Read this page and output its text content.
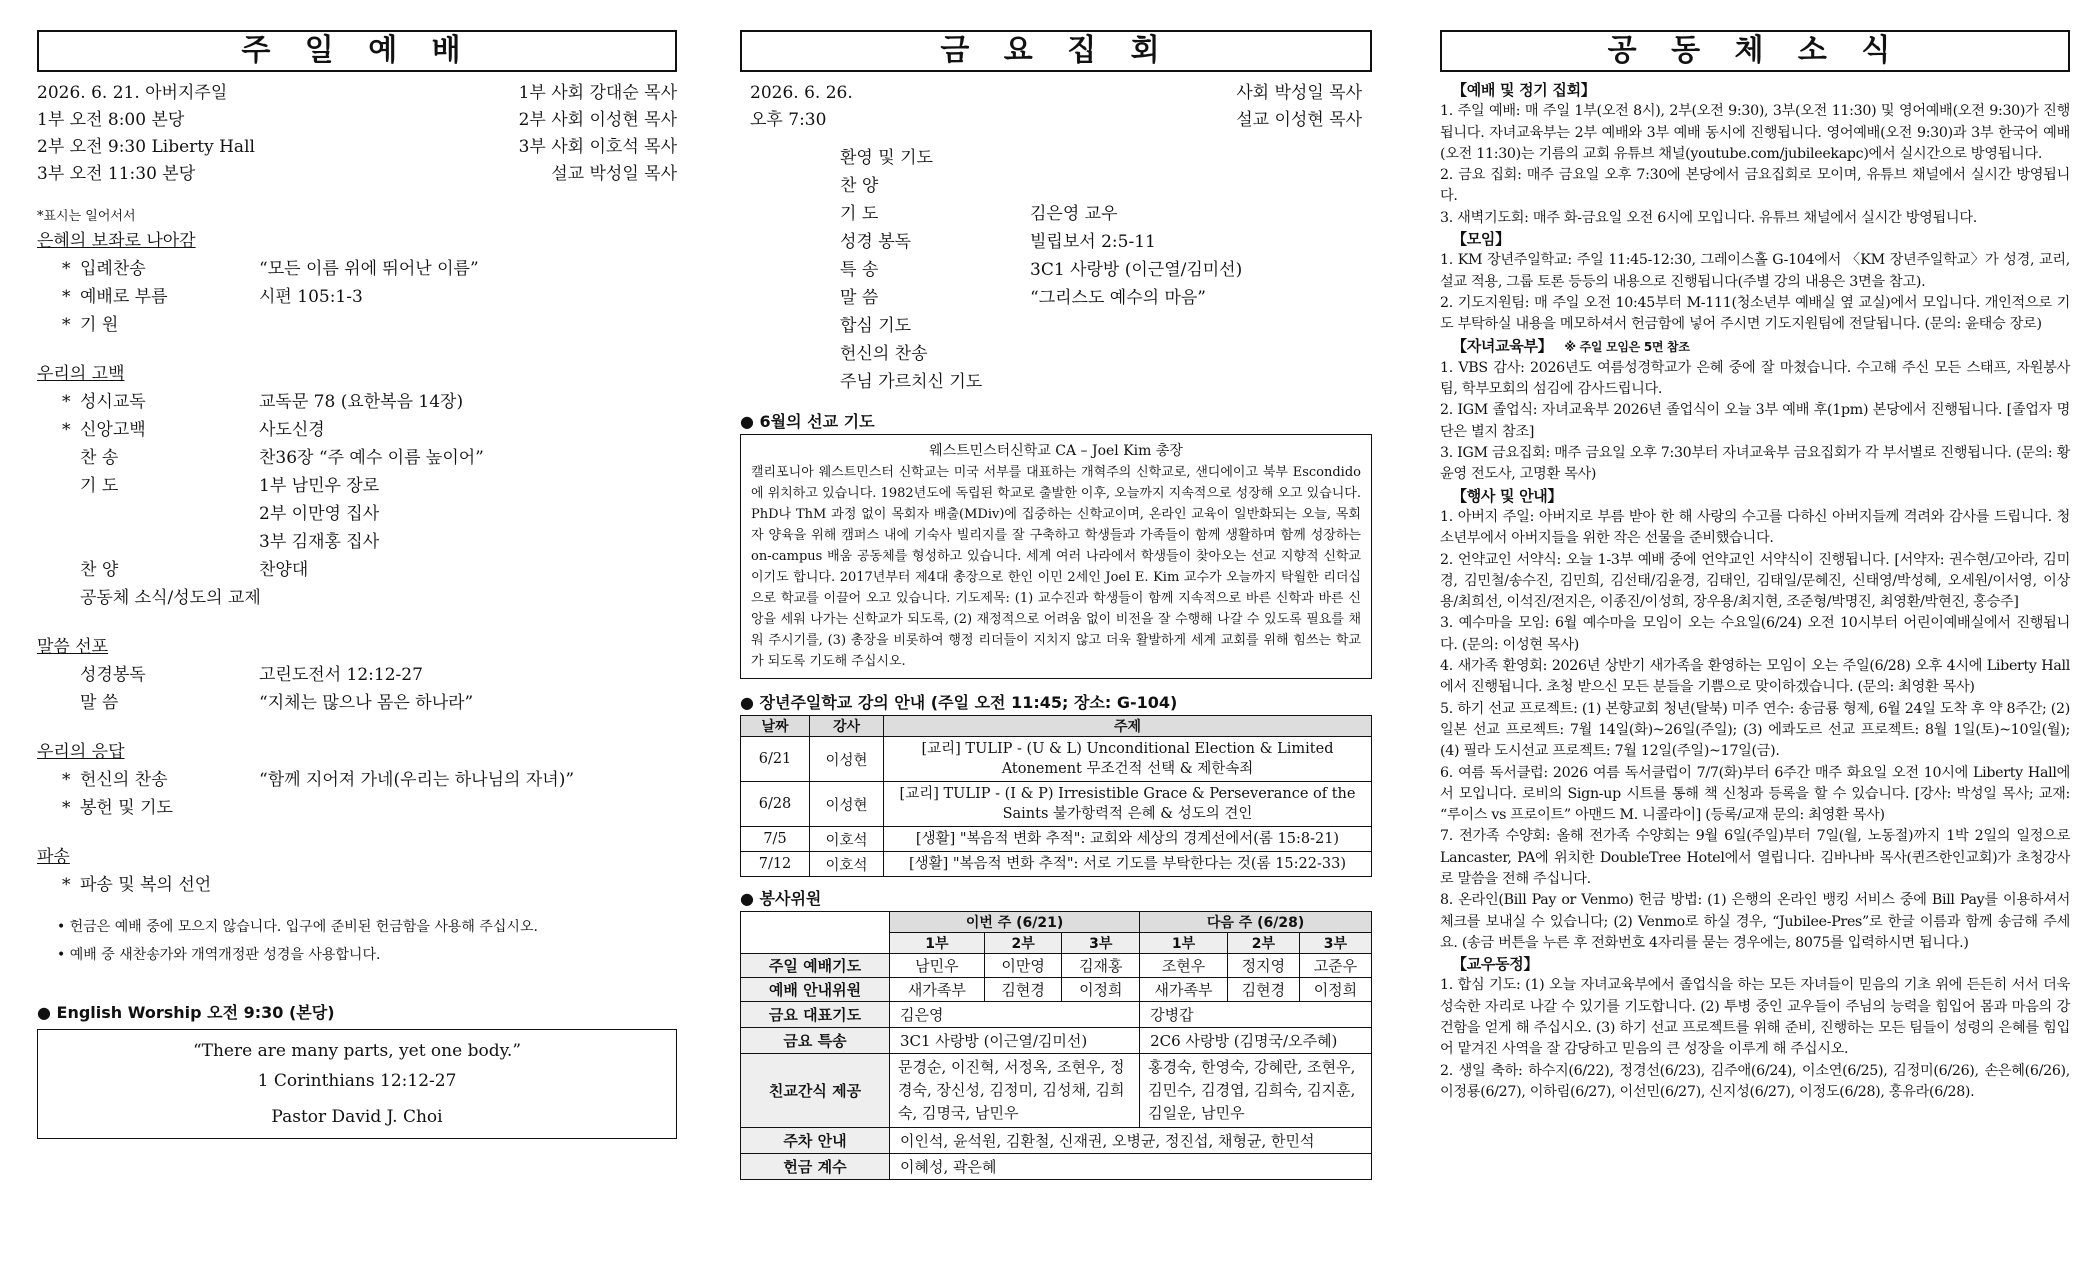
주 일 예 배
2026. 6. 21. 아버지주일	1부 사회 강대순 목사
1부 오전 8:00 본당	2부 사회 이성현 목사
2부 오전 9:30 Liberty Hall	3부 사회 이호석 목사
3부 오전 11:30 본당	설교 박성일 목사
*표시는 일어서서
은혜의 보좌로 나아감
* 입례찬송	“모든 이름 위에 뛰어난 이름”
* 예배로 부름	시편 105:1-3
* 기 원
우리의 고백
* 성시교독	교독문 78 (요한복음 14장)
* 신앙고백	사도신경
찬 송	찬36장 “주 예수 이름 높이어”
기 도	1부 남민우 장로
2부 이만영 집사
3부 김재홍 집사
찬 양	찬양대
공동체 소식/성도의 교제
말씀 선포
성경봉독	고린도전서 12:12-27
말 씀	“지체는 많으나 몸은 하나라”
우리의 응답
* 헌신의 찬송	“함께 지어져 가네(우리는 하나님의 자녀)”
* 봉헌 및 기도
파송
* 파송 및 복의 선언
• 헌금은 예배 중에 모으지 않습니다. 입구에 준비된 헌금함을 사용해 주십시오.
• 예배 중 새찬송가와 개역개정판 성경을 사용합니다.
● English Worship 오전 9:30 (본당)
“There are many parts, yet one body.”
1 Corinthians 12:12-27
Pastor David J. Choi
금 요 집 회
2026. 6. 26.	사회 박성일 목사
오후 7:30	설교 이성현 목사
환영 및 기도
찬 양
기 도	김은영 교우
성경 봉독	빌립보서 2:5-11
특 송	3C1 사랑방 (이근열/김미선)
말 씀	“그리스도 예수의 마음”
합심 기도
헌신의 찬송
주님 가르치신 기도
● 6월의 선교 기도
웨스트민스터신학교 CA – Joel Kim 총장
캘리포니아 웨스트민스터 신학교는 미국 서부를 대표하는 개혁주의 신학교로, 샌디에이고 북부 Escondido에 위치하고 있습니다. 1982년도에 독립된 학교로 출발한 이후, 오늘까지 지속적으로 성장해 오고 있습니다. PhD나 ThM 과정 없이 목회자 배출(MDiv)에 집중하는 신학교이며, 온라인 교육이 일반화되는 오늘, 목회자 양육을 위해 캠퍼스 내에 기숙사 빌리지를 잘 구축하고 학생들과 가족들이 함께 생활하며 함께 성장하는 on-campus 배움 공동체를 형성하고 있습니다. 세계 여러 나라에서 학생들이 찾아오는 선교 지향적 신학교이기도 합니다. 2017년부터 제4대 총장으로 한인 이민 2세인 Joel E. Kim 교수가 오늘까지 탁월한 리더십으로 학교를 이끌어 오고 있습니다. 기도제목: (1) 교수진과 학생들이 함께 지속적으로 바른 신학과 바른 신앙을 세워 나가는 신학교가 되도록, (2) 재정적으로 어려움 없이 비전을 잘 수행해 나갈 수 있도록 필요를 채워 주시기를, (3) 총장을 비롯하여 행정 리더들이 지치지 않고 더욱 활발하게 세계 교회를 위해 힘쓰는 학교가 되도록 기도해 주십시오.
● 장년주일학교 강의 안내 (주일 오전 11:45; 장소: G-104)
날짜	강사	주제
6/21	이성현	[교리] TULIP - (U & L) Unconditional Election & Limited Atonement 무조건적 선택 & 제한속죄
6/28	이성현	[교리] TULIP - (I & P) Irresistible Grace & Perseverance of the Saints 불가항력적 은혜 & 성도의 견인
7/5	이호석	[생활] "복음적 변화 추적": 교회와 세상의 경계선에서(롬 15:8-21)
7/12	이호석	[생활] "복음적 변화 추적": 서로 기도를 부탁한다는 것(롬 15:22-33)
● 봉사위원
	이번 주 (6/21)			다음 주 (6/28)		
	1부	2부	3부	1부	2부	3부
주일 예배기도	남민우	이만영	김재홍	조현우	정지영	고준우
예배 안내위원	새가족부	김현경	이정희	새가족부	김현경	이정희
금요 대표기도	김은영			강병갑		
금요 특송	3C1 사랑방 (이근열/김미선)			2C6 사랑방 (김명국/오주혜)		
친교간식 제공	문경순, 이진혁, 서정옥, 조현우, 정경숙, 장신성, 김정미, 김성채, 김희숙, 김명국, 남민우			홍경숙, 한영숙, 강혜란, 조현우, 김민수, 김경엽, 김희숙, 김지훈, 김일운, 남민우		
주차 안내	이인석, 윤석원, 김환철, 신재권, 오병균, 정진섭, 채형균, 한민석					
헌금 계수	이혜성, 곽은혜					
공 동 체 소 식
【예배 및 정기 집회】

1. 주일 예배: 매 주일 1부(오전 8시), 2부(오전 9:30), 3부(오전 11:30) 및 영어예배(오전 9:30)가 진행됩니다. 자녀교육부는 2부 예배와 3부 예배 동시에 진행됩니다. 영어예배(오전 9:30)과 3부 한국어 예배(오전 11:30)는 기름의 교회 유튜브 채널(youtube.com/jubileekapc)에서 실시간으로 방영됩니다.

2. 금요 집회: 매주 금요일 오후 7:30에 본당에서 금요집회로 모이며, 유튜브 채널에서 실시간 방영됩니다.

3. 새벽기도회: 매주 화-금요일 오전 6시에 모입니다. 유튜브 채널에서 실시간 방영됩니다.

【모임】

1. KM 장년주일학교: 주일 11:45-12:30, 그레이스홀 G-104에서 〈KM 장년주일학교〉가 성경, 교리, 설교 적용, 그룹 토론 등등의 내용으로 진행됩니다(주별 강의 내용은 3면을 참고).

2. 기도지원팀: 매 주일 오전 10:45부터 M-111(청소년부 예배실 옆 교실)에서 모입니다. 개인적으로 기도 부탁하실 내용을 메모하셔서 헌금함에 넣어 주시면 기도지원팀에 전달됩니다. (문의: 윤태승 장로)

【자녀교육부】 ※ 주일 모임은 5면 참조

1. VBS 감사: 2026년도 여름성경학교가 은혜 중에 잘 마쳤습니다. 수고해 주신 모든 스태프, 자원봉사팀, 학부모회의 섬김에 감사드립니다.

2. IGM 졸업식: 자녀교육부 2026년 졸업식이 오늘 3부 예배 후(1pm) 본당에서 진행됩니다. [졸업자 명단은 별지 참조]

3. IGM 금요집회: 매주 금요일 오후 7:30부터 자녀교육부 금요집회가 각 부서별로 진행됩니다. (문의: 황윤영 전도사, 고명환 목사)

【행사 및 안내】

1. 아버지 주일: 아버지로 부름 받아 한 해 사랑의 수고를 다하신 아버지들께 격려와 감사를 드립니다. 청소년부에서 아버지들을 위한 작은 선물을 준비했습니다.

2. 언약교인 서약식: 오늘 1-3부 예배 중에 언약교인 서약식이 진행됩니다. [서약자: 권수현/고아라, 김미경, 김민철/송수진, 김민희, 김선태/김윤경, 김태인, 김태일/문혜진, 신태영/박성혜, 오세원/이서영, 이상용/최희선, 이석진/전지은, 이종진/이성희, 장우용/최지현, 조준형/박명진, 최영환/박현진, 홍승주]

3. 예수마을 모임: 6월 예수마을 모임이 오는 수요일(6/24) 오전 10시부터 어린이예배실에서 진행됩니다. (문의: 이성현 목사)

4. 새가족 환영회: 2026년 상반기 새가족을 환영하는 모임이 오는 주일(6/28) 오후 4시에 Liberty Hall에서 진행됩니다. 초청 받으신 모든 분들을 기쁨으로 맞이하겠습니다. (문의: 최영환 목사)

5. 하기 선교 프로젝트: (1) 본향교회 청년(탈북) 미주 연수: 송금룡 형제, 6월 24일 도착 후 약 8주간; (2) 일본 선교 프로젝트: 7월 14일(화)~26일(주일); (3) 에콰도르 선교 프로젝트: 8월 1일(토)~10일(월); (4) 필라 도시선교 프로젝트: 7월 12일(주일)~17일(금).

6. 여름 독서클럽: 2026 여름 독서클럽이 7/7(화)부터 6주간 매주 화요일 오전 10시에 Liberty Hall에서 모입니다. 로비의 Sign-up 시트를 통해 책 신청과 등록을 할 수 있습니다. [강사: 박성일 목사; 교재: “루이스 vs 프로이트” 아맨드 M. 니콜라이] (등록/교재 문의: 최영환 목사)

7. 전가족 수양회: 올해 전가족 수양회는 9월 6일(주일)부터 7일(월, 노동절)까지 1박 2일의 일정으로 Lancaster, PA에 위치한 DoubleTree Hotel에서 열립니다. 김바나바 목사(퀸즈한인교회)가 초청강사로 말씀을 전해 주십니다.

8. 온라인(Bill Pay or Venmo) 헌금 방법: (1) 은행의 온라인 뱅킹 서비스 중에 Bill Pay를 이용하셔서 체크를 보내실 수 있습니다; (2) Venmo로 하실 경우, “Jubilee-Pres”로 한글 이름과 함께 송금해 주세요. (송금 버튼을 누른 후 전화번호 4자리를 묻는 경우에는, 8075를 입력하시면 됩니다.)

【교우동정】

1. 합심 기도: (1) 오늘 자녀교육부에서 졸업식을 하는 모든 자녀들이 믿음의 기초 위에 든든히 서서 더욱 성숙한 자리로 나갈 수 있기를 기도합니다. (2) 투병 중인 교우들이 주님의 능력을 힘입어 몸과 마음의 강건함을 얻게 해 주십시오. (3) 하기 선교 프로젝트를 위해 준비, 진행하는 모든 팀들이 성령의 은혜를 힘입어 맡겨진 사역을 잘 감당하고 믿음의 큰 성장을 이루게 해 주십시오.

2. 생일 축하: 하수지(6/22), 정경선(6/23), 김주애(6/24), 이소연(6/25), 김정미(6/26), 손은혜(6/26), 이정룡(6/27), 이하림(6/27), 이선민(6/27), 신지성(6/27), 이정도(6/28), 홍유라(6/28).
